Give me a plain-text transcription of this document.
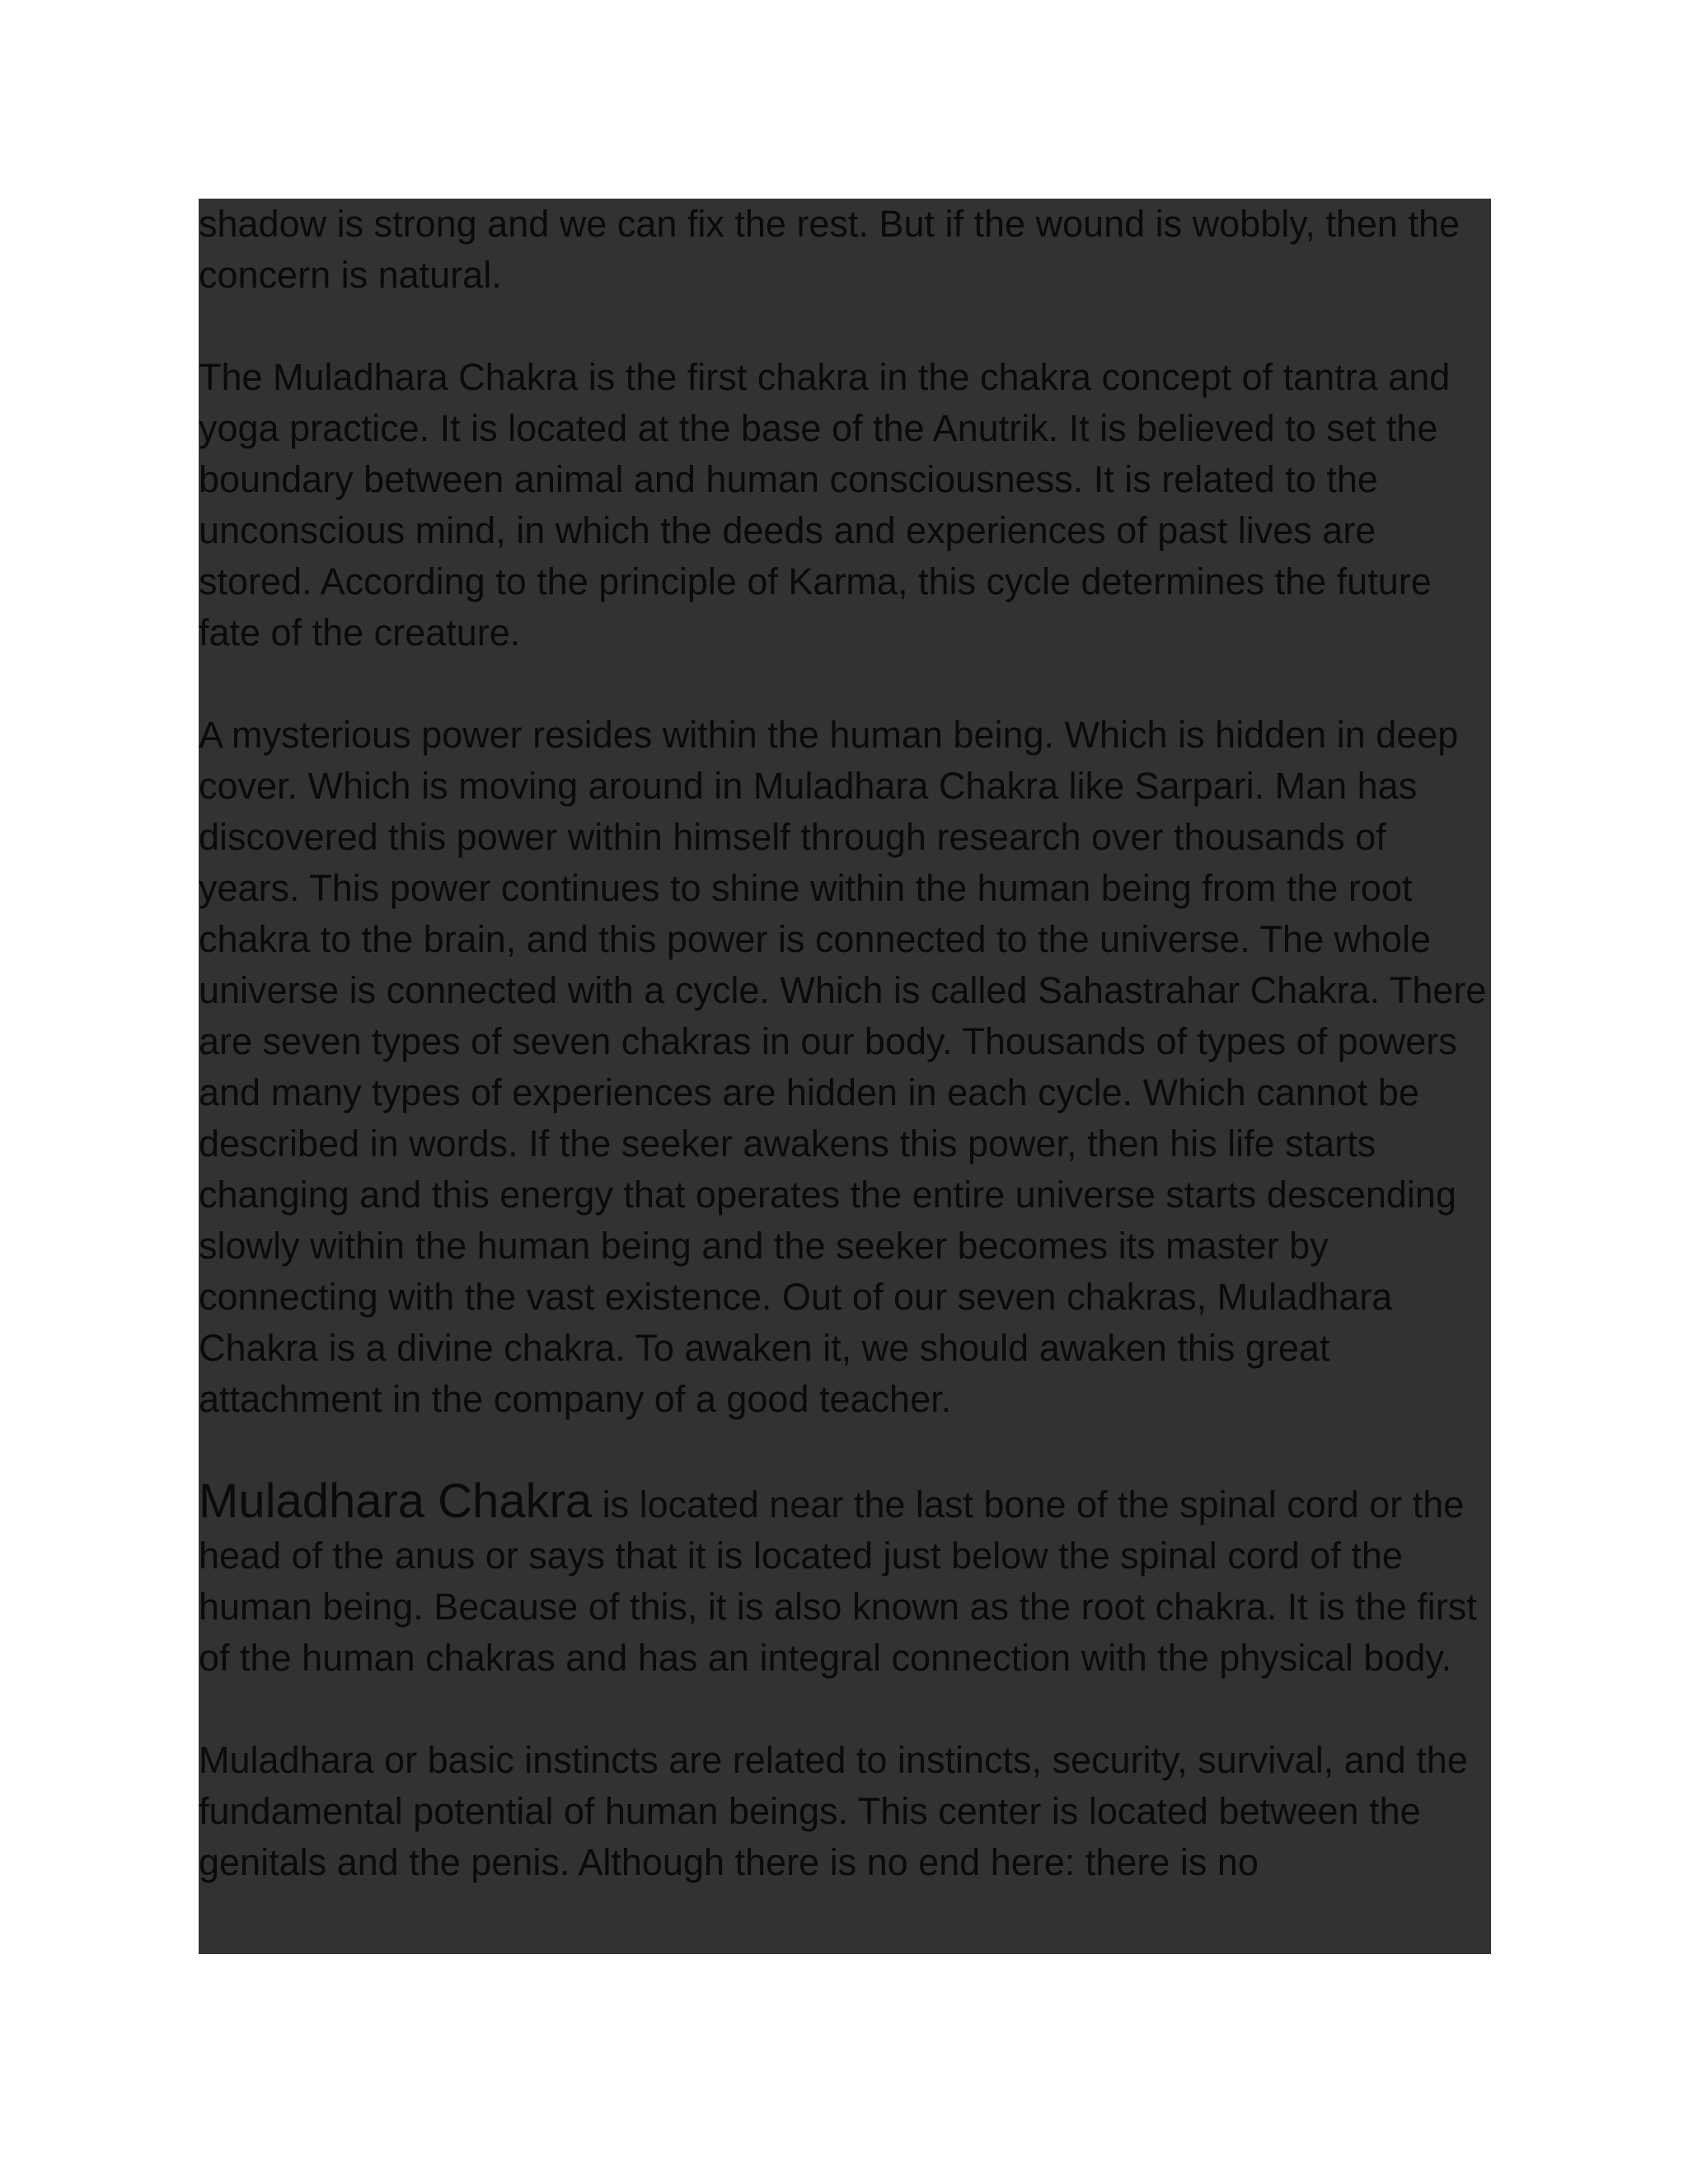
shadow is strong and we can fix the rest. But if the wound is wobbly, then the concern is natural.

The Muladhara Chakra is the first chakra in the chakra concept of tantra and yoga practice. It is located at the base of the Anutrik. It is believed to set the boundary between animal and human consciousness. It is related to the unconscious mind, in which the deeds and experiences of past lives are stored. According to the principle of Karma, this cycle determines the future fate of the creature.

A mysterious power resides within the human being. Which is hidden in deep cover. Which is moving around in Muladhara Chakra like Sarpari. Man has discovered this power within himself through research over thousands of years. This power continues to shine within the human being from the root chakra to the brain, and this power is connected to the universe. The whole universe is connected with a cycle. Which is called Sahastrahar Chakra. There are seven types of seven chakras in our body. Thousands of types of powers and many types of experiences are hidden in each cycle. Which cannot be described in words. If the seeker awakens this power, then his life starts changing and this energy that operates the entire universe starts descending slowly within the human being and the seeker becomes its master by connecting with the vast existence. Out of our seven chakras, Muladhara Chakra is a divine chakra. To awaken it, we should awaken this great attachment in the company of a good teacher.

Muladhara Chakra is located near the last bone of the spinal cord or the head of the anus or says that it is located just below the spinal cord of the human being. Because of this, it is also known as the root chakra. It is the first of the human chakras and has an integral connection with the physical body.

Muladhara or basic instincts are related to instincts, security, survival, and the fundamental potential of human beings. This center is located between the genitals and the penis. Although there is no end here: there is no
